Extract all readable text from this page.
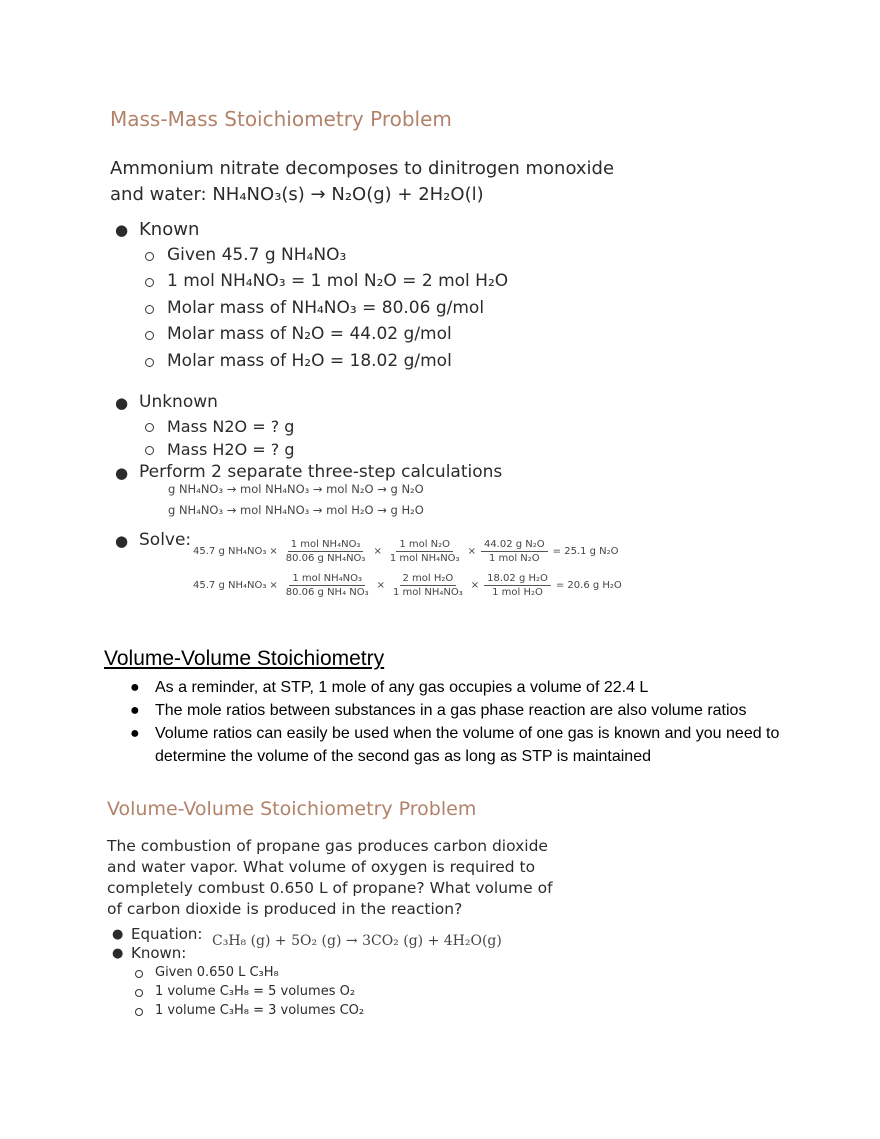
Mass-Mass Stoichiometry Problem
Ammonium nitrate decomposes to dinitrogen monoxide
and water: NH₄NO₃(s) → N₂O(g) + 2H₂O(l)
● Known
Given 45.7 g NH₄NO₃
1 mol NH₄NO₃ = 1 mol N₂O = 2 mol H₂O
Molar mass of NH₄NO₃ = 80.06 g/mol
Molar mass of N₂O = 44.02 g/mol
Molar mass of H₂O = 18.02 g/mol
● Unknown
Mass N2O = ? g
Mass H2O = ? g
● Perform 2 separate three-step calculations
g NH₄NO₃ → mol NH₄NO₃ → mol N₂O → g N₂O
g NH₄NO₃ → mol NH₄NO₃ → mol H₂O → g H₂O
● Solve:
45.7 g $NH_4NO_3 \times \frac{\text{1 mol NH₄NO₃}}{\text{80.06 g NH₄NO₃}} \times \frac{\text{1 mol N₂O}}{\text{1 mol NH₄NO₃}} \times \frac{\text{44.02 g N₂O}}{\text{1 mol N₂O}} = 25.1$ g N₂O
45.7 g $NH_4NO_3 \times \frac{\text{1 mol NH₄NO₃}}{\text{80.06 g NH₄ NO₃}} \times \frac{\text{2 mol H₂O}}{\text{1 mol NH₄NO₃}} \times \frac{\text{18.02 g H₂O}}{\text{1 mol H₂O}} = 20.6$ g H₂O
Volume-Volume Stoichiometry
● As a reminder, at STP, 1 mole of any gas occupies a volume of 22.4 L
● The mole ratios between substances in a gas phase reaction are also volume ratios
● Volume ratios can easily be used when the volume of one gas is known and you need to determine the volume of the second gas as long as STP is maintained
Volume-Volume Stoichiometry Problem
The combustion of propane gas produces carbon dioxide
and water vapor. What volume of oxygen is required to
completely combust 0.650 L of propane? What volume of
of carbon dioxide is produced in the reaction?
● Equation: C₃H₈ (g) + 5O₂ (g) → 3CO₂ (g) + 4H₂O(g)
● Known:
Given 0.650 L C₃H₈
1 volume C₃H₈ = 5 volumes O₂
1 volume C₃H₈ = 3 volumes CO₂
